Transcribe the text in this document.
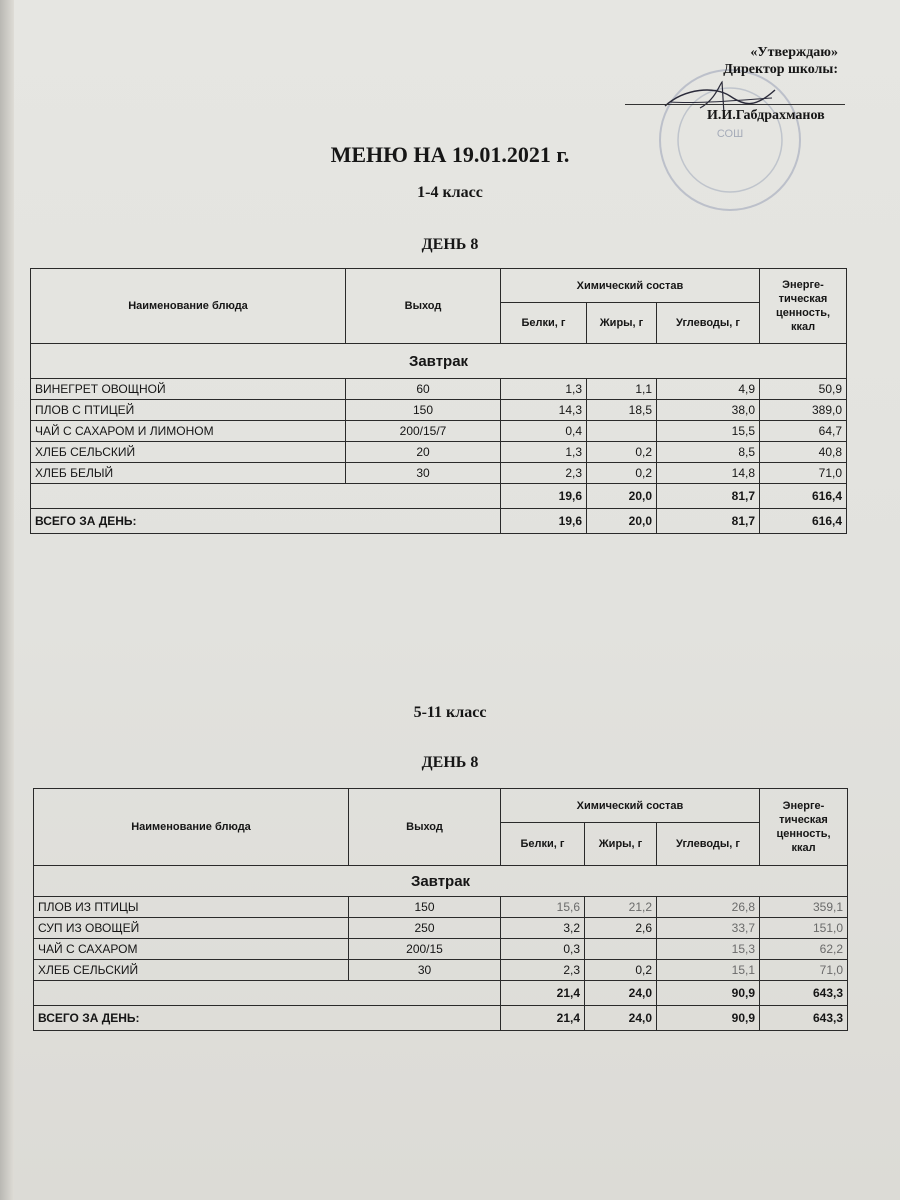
СОШ
«Утверждаю»
Директор школы:
И.И.Габдрахманов
МЕНЮ НА 19.01.2021 г.
1-4 класс
ДЕНЬ 8
Наименование блюда	Выход	Химический состав			Энерге-тическая ценность, ккал
		Белки, г	Жиры, г	Углеводы, г	
Завтрак					
ВИНЕГРЕТ ОВОЩНОЙ	60	1,3	1,1	4,9	50,9
ПЛОВ С ПТИЦЕЙ	150	14,3	18,5	38,0	389,0
ЧАЙ С САХАРОМ И ЛИМОНОМ	200/15/7	0,4		15,5	64,7
ХЛЕБ СЕЛЬСКИЙ	20	1,3	0,2	8,5	40,8
ХЛЕБ БЕЛЫЙ	30	2,3	0,2	14,8	71,0
		19,6	20,0	81,7	616,4
ВСЕГО ЗА ДЕНЬ:		19,6	20,0	81,7	616,4
5-11 класс
ДЕНЬ 8
Наименование блюда	Выход	Химический состав			Энерге-тическая ценность, ккал
		Белки, г	Жиры, г	Углеводы, г	
Завтрак					
ПЛОВ ИЗ ПТИЦЫ	150	15,6	21,2	26,8	359,1
СУП ИЗ ОВОЩЕЙ	250	3,2	2,6	33,7	151,0
ЧАЙ С САХАРОМ	200/15	0,3		15,3	62,2
ХЛЕБ СЕЛЬСКИЙ	30	2,3	0,2	15,1	71,0
		21,4	24,0	90,9	643,3
ВСЕГО ЗА ДЕНЬ:		21,4	24,0	90,9	643,3
